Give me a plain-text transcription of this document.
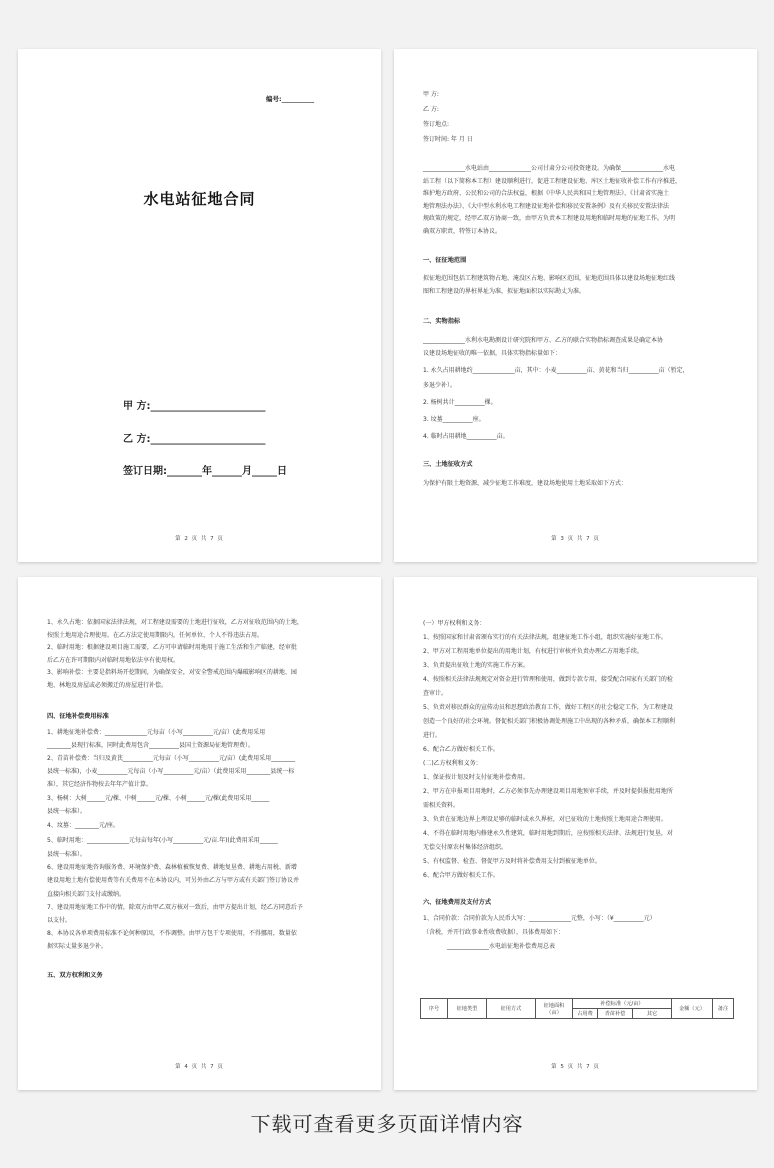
编号:__________
水电站征地合同
甲 方:_______________________
乙 方:_______________________
签订日期:_______年______月_____日
第 2 页 共 7 页
甲 方:
乙 方:
签订地点:
签订时间: 年 月 日
______________水电站由______________公司甘肃分公司投资建设。为确保______________水电
站工程（以下简称本工程）建设顺利进行，促进工程建设征地、库区土地征收补偿工作有序推进，
维护地方政府、公民和公司的合法权益，根据《中华人民共和国土地管理法》、《甘肃省实施土
地管理法办法》、《大中型水利水电工程建设征地补偿和移民安置条例》及有关移民安置法律法
规政策的规定，经甲乙双方协商一致，由甲方负责本工程建设用地和临时用地的征地工作。为明
确双方职责，特签订本协议。
一、征征地范围
拟征地范围包括工程建筑物占地、淹没区占地、影响区范围，征地范围具体以建设场地征地红线
图和工程建设的界桩界址为准，拟征地面积以实际勘丈为准。
二、实物指标
______________水利水电勘测设计研究院和甲方、乙方的联合实物指标调查成果是确定本协
议建设场地征收的唯一依据，具体实物指标量如下：
1. 永久占用耕地约______________亩，其中：小麦__________亩、黄花和当归__________亩（暂定，
多退少补）。
2. 杨树共计__________棵。
3. 坟墓__________座。
4. 临时占用耕地__________亩。
三、土地征收方式
为保护有限土地资源，减少征地工作难度，建设场地使用土地采取如下方式：
第 3 页 共 7 页
1、永久占地：依据国家法律法规，对工程建设需要的土地进行征收，乙方对征收范围内的土地，
按照土地用途合理使用。在乙方法定使用期限内，任何单位、个人不得违法占用。
2、临时用地：根据建设项目施工需要，乙方可申请临时用地用于施工生活和生产临建，经审批
后乙方在许可期限内对临时用地依法享有使用权。
3、影响补偿：主要是指料场开挖期间，为确保安全，对安全警戒范围内爆破影响区的耕地、园
地、林地及房屋或必须搬迁的房屋进行补偿。
四、征地补偿费用标准
1、耕地征地补偿费：______________元每亩（小写__________元/亩）(此费用采用
________县现行标准，同时此费用包含__________县国土资源局征地管理费）。
2、青苗补偿费：当归及黄芪__________元每亩（小写__________元/亩）(此费用采用________
县统一标准)，小麦__________元每亩（小写__________元/亩）（此费用采用________县统一标
准），其它经济作物按去年年产值计算。
3、杨树：大树______元/棵、中树______元/棵、小树______元/棵(此费用采用______
县统一标准）。
4、坟墓：________元/座。
5、临时用地：______________元每亩每年(小写__________元/亩.年)(此费用采用______
县统一标准）。
6、建设用地征地咨询服务费、环境保护费、森林植被恢复费、耕地复垦费、耕地占用税、新增
建设用地土地有偿使用费等有关费用不在本协议内，可另外由乙方与甲方或有关部门签订协议并
直接向相关部门支付或缴纳。
7、建设用地征地工作中的情，除双方由甲乙双方核对一致后，由甲方提出计划，经乙方同意后予
以支付。
8、本协议各单项费用标准不论何种原因，不作调整。由甲方包干专项使用，不得挪用，数量依
据实际丈量多退少补。
五、双方权利和义务
第 4 页 共 7 页
(一）甲方权利和义务：
1、按照国家和甘肃省颁布实行的有关法律法规，组建征地工作小组，组织实施好征地工作。
2、甲方对工程用地单位提出的用地计划，有权进行审核并负责办理乙方用地手续。
3、负责提出征收土地的实施工作方案。
4、按照相关法律法规规定对资金进行管理和使用，做到专款专用，接受配合国家有关部门的检
查审计。
5、负责对移民群众的宣传动员和思想政治教育工作，做好工程区的社会稳定工作，为工程建设
创造一个良好的社会环境。督促相关部门积极协调处理施工中出现的各种矛盾，确保本工程顺利
进行。
6、配合乙方做好相关工作。
(二)乙方权利和义务：
1、保证按计划及时支付征地补偿费用。
2、甲方在申报项目用地时，乙方必须事先办理建设项目用地预审手续，并及时提供报批用地所
需相关资料。
3、负责在征地边界上埋设足够的临时或永久界桩，对已征收的土地按照土地用途合理使用。
4、不得在临时用地内修建永久性建筑，临时用地到期后，应按照相关法律、法规进行复垦，对
无偿交付原农村集体经济组织。
5、有权监督、检查、督促甲方及时将补偿费用支付到被征地单位。
6、配合甲方做好相关工作。
六、征地费用及支付方式
1、合同价款：合同价款为人民币大写：______________元整，小写：（¥__________元）
（含税，并开行政事业性收费收据），具体费用如下：
______________水电站征地补偿费用总表
序号	征地类型	征用方式	征地面积（亩）	补偿标准（元/亩）			金额（元）	备注
				占用费	青苗补偿	其它		
第 5 页 共 7 页
下载可查看更多页面详情内容
